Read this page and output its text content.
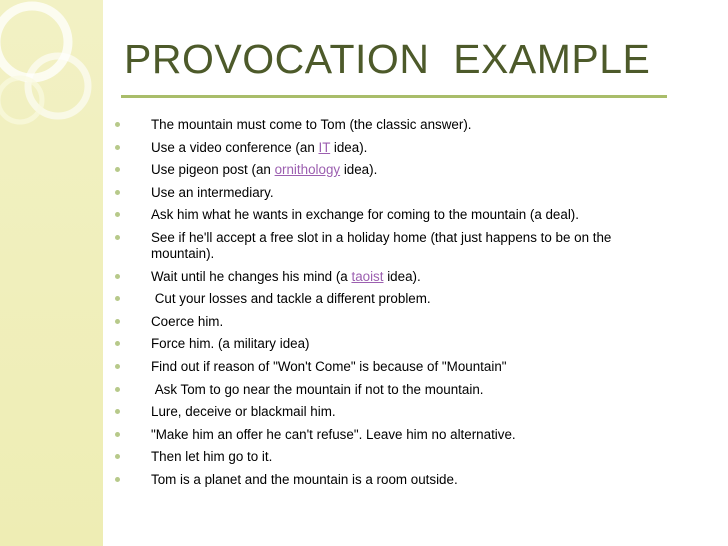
PROVOCATION  EXAMPLE
The mountain must come to Tom (the classic answer).
Use a video conference (an IT idea).
Use pigeon post (an ornithology idea).
Use an intermediary.
Ask him what he wants in exchange for coming to the mountain (a deal).
See if he'll accept a free slot in a holiday home (that just happens to be on the mountain).
Wait until he changes his mind (a taoist idea).
Cut your losses and tackle a different problem.
Coerce him.
Force him. (a military idea)
Find out if reason of "Won't Come" is because of "Mountain"
Ask Tom to go near the mountain if not to the mountain.
Lure, deceive or blackmail him.
"Make him an offer he can't refuse". Leave him no alternative.
Then let him go to it.
Tom is a planet and the mountain is a room outside.
